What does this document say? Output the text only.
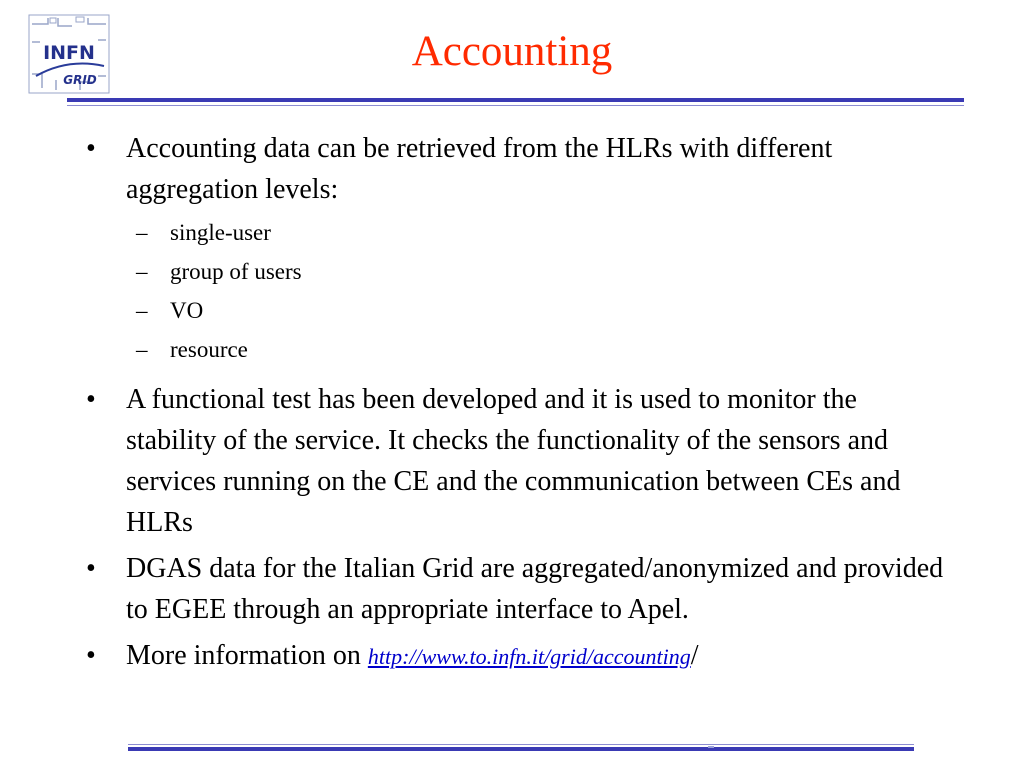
INFN
GRID
Accounting
• Accounting data can be retrieved from the HLRs with different aggregation levels:
– single-user
– group of users
– VO
– resource
• A functional test has been developed and it is used to monitor the stability of the service. It checks the functionality of the sensors and services running on the CE and the communication between CEs and HLRs
• DGAS data for the Italian Grid are aggregated/anonymized and provided to EGEE through an appropriate interface to Apel.
• More information on http://www.to.infn.it/grid/accounting/
